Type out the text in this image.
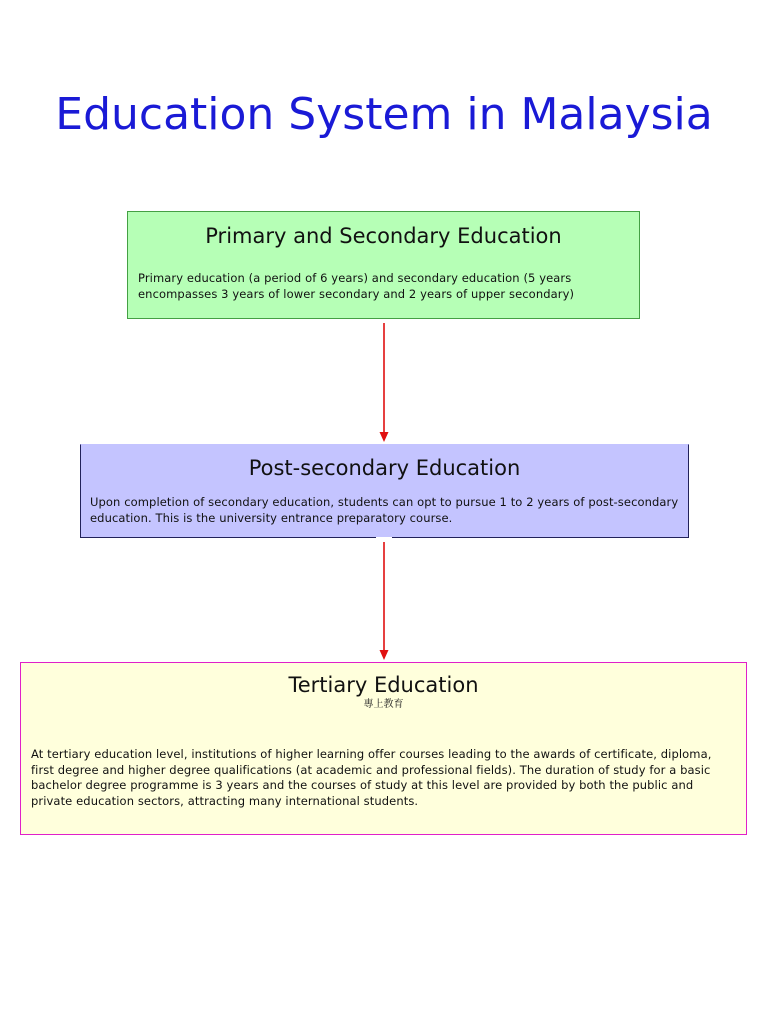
Education System in Malaysia
Primary and Secondary Education
Primary education (a period of 6 years) and secondary education (5 years encompasses 3 years of lower secondary and 2 years of upper secondary)
Post-secondary Education
Upon completion of secondary education, students can opt to pursue 1 to 2 years of post-secondary education. This is the university entrance preparatory course.
Tertiary Education
專上教育
At tertiary education level, institutions of higher learning offer courses leading to the awards of certificate, diploma, first degree and higher degree qualifications (at academic and professional fields). The duration of study for a basic bachelor degree programme is 3 years and the courses of study at this level are provided by both the public and private education sectors, attracting many international students.
